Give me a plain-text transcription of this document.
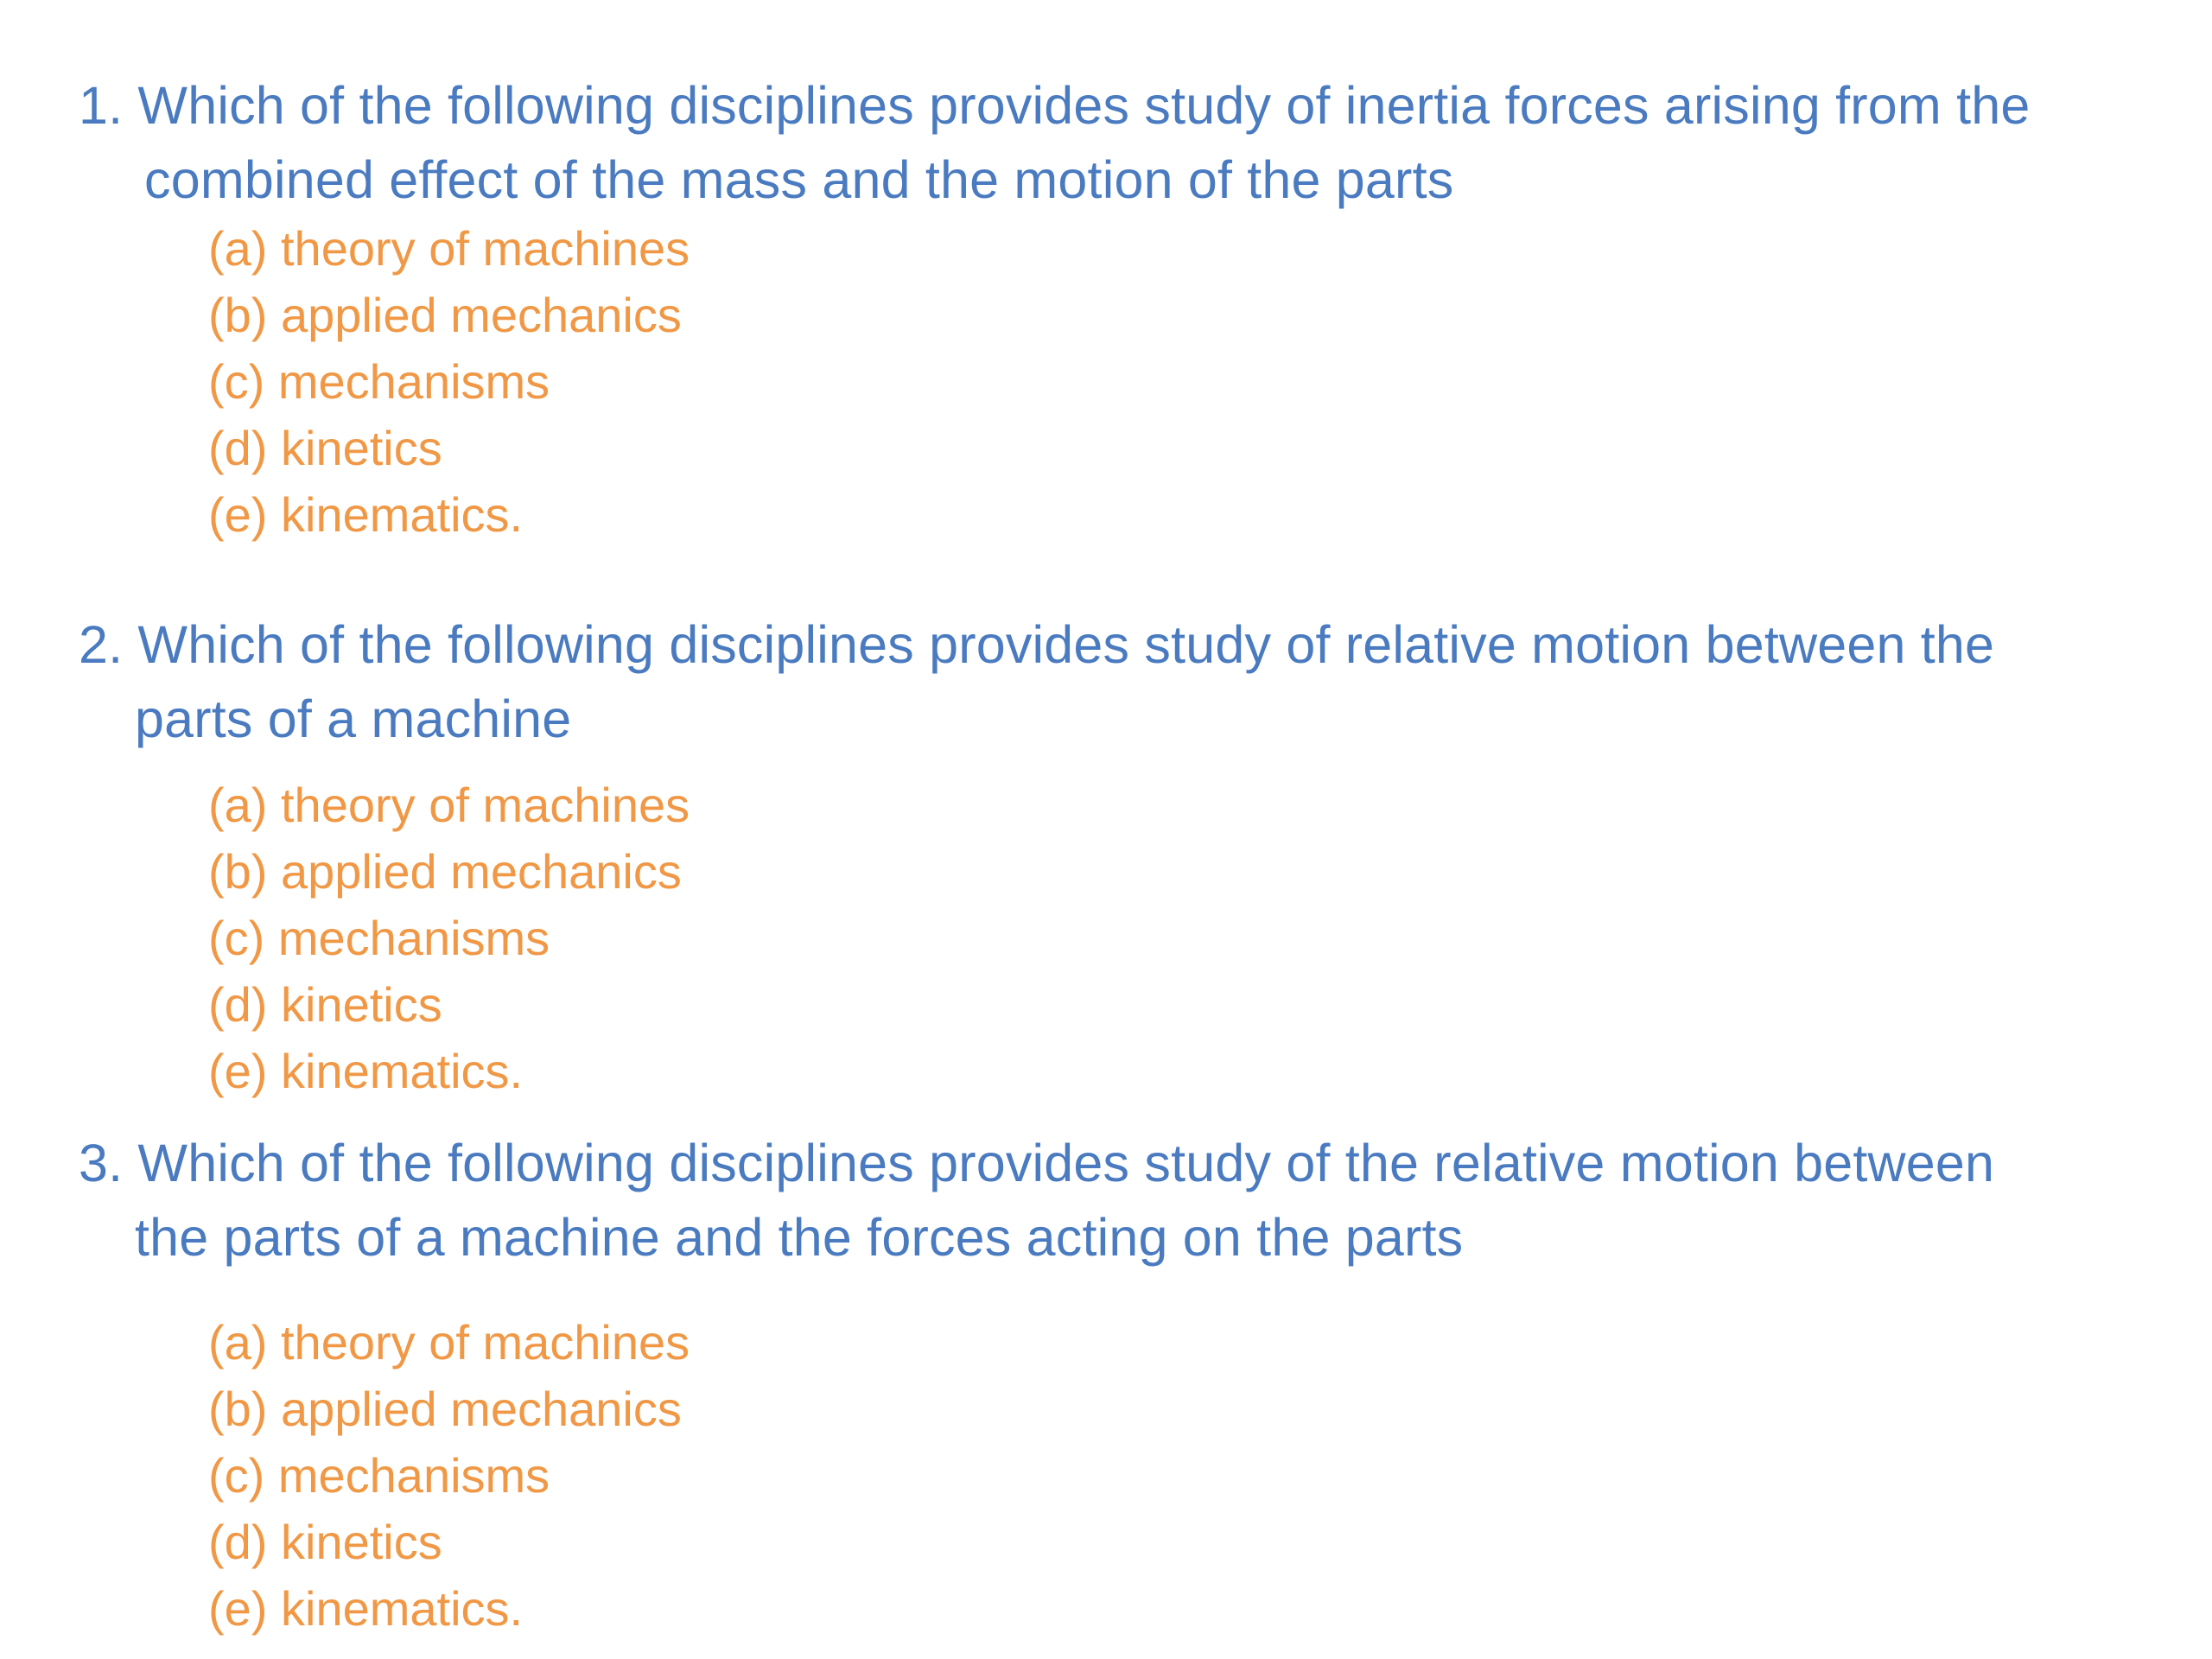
1. Which of the following disciplines provides study of inertia forces arising from the
combined effect of the mass and the motion of the parts
(a) theory of machines
(b) applied mechanics
(c) mechanisms
(d) kinetics
(e) kinematics.
2. Which of the following disciplines provides study of relative motion between the
parts of a machine
(a) theory of machines
(b) applied mechanics
(c) mechanisms
(d) kinetics
(e) kinematics.
3. Which of the following disciplines provides study of the relative motion between
the parts of a machine and the forces acting on the parts
(a) theory of machines
(b) applied mechanics
(c) mechanisms
(d) kinetics
(e) kinematics.
